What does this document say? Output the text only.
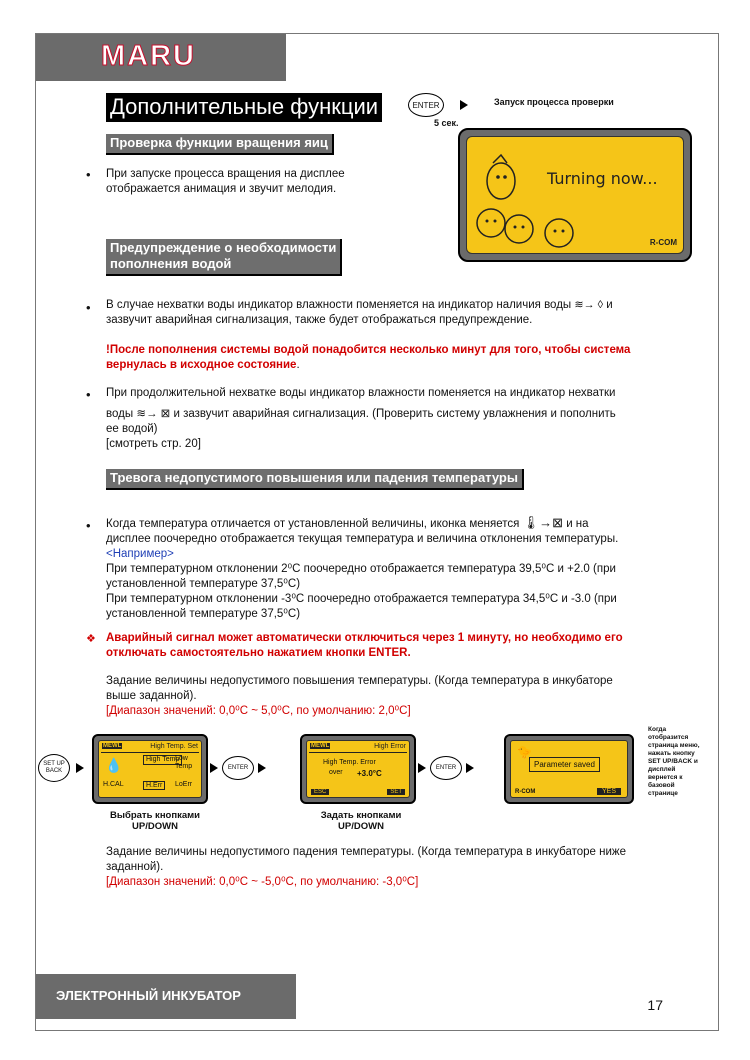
MARU
Дополнительные функции	ENTER
5 сек.
Запуск процесса проверки
Turning now...
R-COM
Проверка функции вращения яиц
• При запуске процесса вращения на дисплее
отображается анимация и звучит мелодия.
Предупреждение о необходимости
пополнения водой
• В случае нехватки воды индикатор влажности поменяется на индикатор наличия воды ≋→ ◊ и
зазвучит аварийная сигнализация, также будет отображаться предупреждение.
!После пополнения системы водой понадобится несколько минут для того, чтобы система
вернулась в исходное состояние.
• При продолжительной нехватке воды индикатор влажности поменяется на индикатор нехватки
воды ≋→ ⊠ и зазвучит аварийная сигнализация. (Проверить систему увлажнения и пополнить
ее водой)
[смотреть стр. 20]
Тревога недопустимого повышения или падения температуры
• Когда температура отличается от установленной величины, иконка меняется 🌡→⊠ и на
дисплее поочередно отображается текущая температура и величина отклонения температуры.
<Например>
При температурном отклонении 2⁰C поочередно отображается температура 39,5⁰C и +2.0 (при
установленной температуре 37,5⁰C)
При температурном отклонении -3⁰C поочередно отображается температура 34,5⁰C и -3.0 (при
установленной температуре 37,5⁰C)
❖ Аварийный сигнал может автоматически отключиться через 1 минуту, но необходимо его
отключать самостоятельно нажатием кнопки ENTER.
Задание величины недопустимого повышения температуры. (Когда температура в инкубаторе
выше заданной).
[Диапазон значений: 0,0⁰C ~ 5,0⁰C, по умолчанию: 2,0⁰C]
SET UP BACK
MEWL	High Temp. Set
💧
H.CAL
High Temp
Low Temp
H.Err	LoErr
ENTER
MEWL	High Error
High Temp. Error
over +3.0°C
ESC	SET
ENTER
🐤
Parameter saved
R-COM	YES
Когда отобразится страница меню, нажать кнопку SET UP/BACK и дисплей вернется к базовой странице
Выбрать кнопками
UP/DOWN
Задать кнопками
UP/DOWN
Задание величины недопустимого падения температуры. (Когда температура в инкубаторе ниже
заданной).
[Диапазон значений: 0,0⁰C ~ -5,0⁰C, по умолчанию: -3,0⁰C]
ЭЛЕКТРОННЫЙ ИНКУБАТОР
17
